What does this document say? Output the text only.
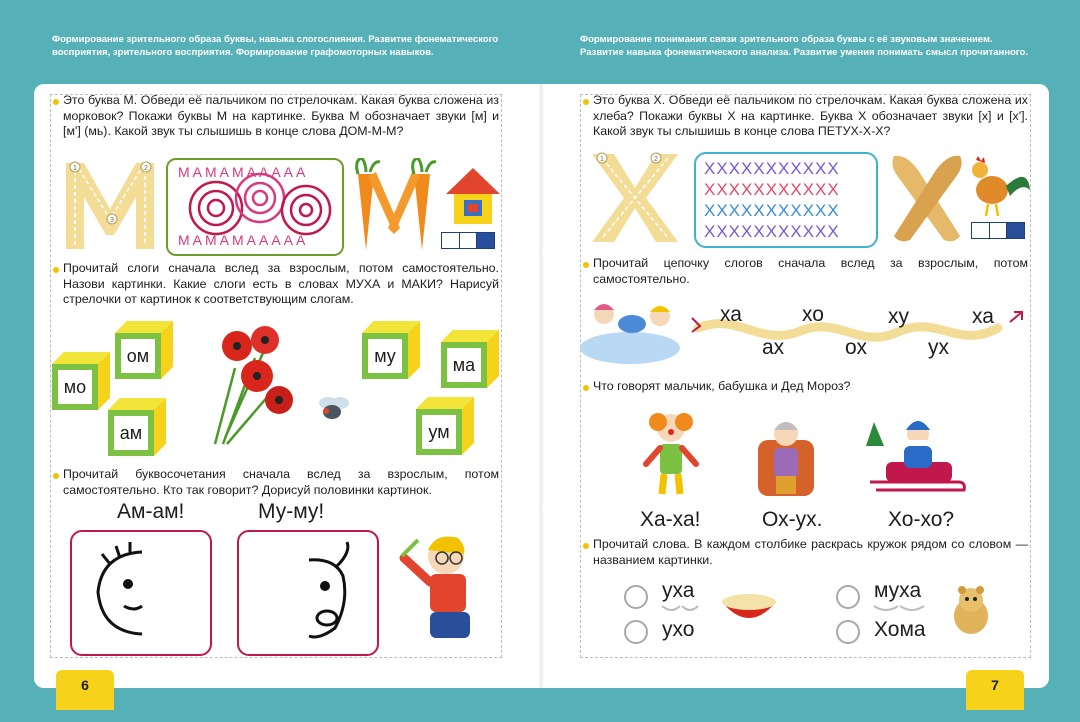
Формирование зрительного образа буквы, навыка слогослияния. Развитие фонематического восприятия, зрительного восприятия. Формирование графомоторных навыков.
Формирование понимания связи зрительного образа буквы с её звуковым значением. Развитие навыка фонематического анализа. Развитие умения понимать смысл прочитанного.
Это буква М. Обведи её пальчиком по стрелочкам. Какая буква сложена из морковок? Покажи буквы М на картинке. Буква М обозначает звуки [м] и [м'] (мь). Какой звук ты слышишь в конце слова ДОМ-М-М?
1	2
3
МАМАМААААА
МАМАМААААА
Прочитай слоги сначала вслед за взрослым, потом самостоятельно. Назови картинки. Какие слоги есть в словах МУХА и МАКИ? Нарисуй стрелочки от картинок к соответствующим слогам.
ом
мо
ам
му	ма
ум
Прочитай буквосочетания сначала вслед за взрослым, потом самостоятельно. Кто так говорит? Дорисуй половинки картинок.
Ам-ам!	Му-му!
6
Это буква Х. Обведи её пальчиком по стрелочкам. Какая буква сложена их хлеба? Покажи буквы Х на картинке. Буква Х обозначает звуки [х] и [х']. Какой звук ты слышишь в конце слова ПЕТУХ-Х-Х?
1	2	ХХХХХХХХХХХ
ХХХХХХХХХХХ
ХХХХХХХХХХХ
ХХХХХХХХХХХ
Прочитай цепочку слогов сначала вслед за взрослым, потом самостоятельно.
ха	хо	ху	ха
ах	ох	ух
Что говорят мальчик, бабушка и Дед Мороз?
Ха-ха!	Ох-ух.	Хо-хо?
Прочитай слова. В каждом столбике раскрась кружок рядом со словом — названием картинки.
уха
ухо
муха
Хома
7
